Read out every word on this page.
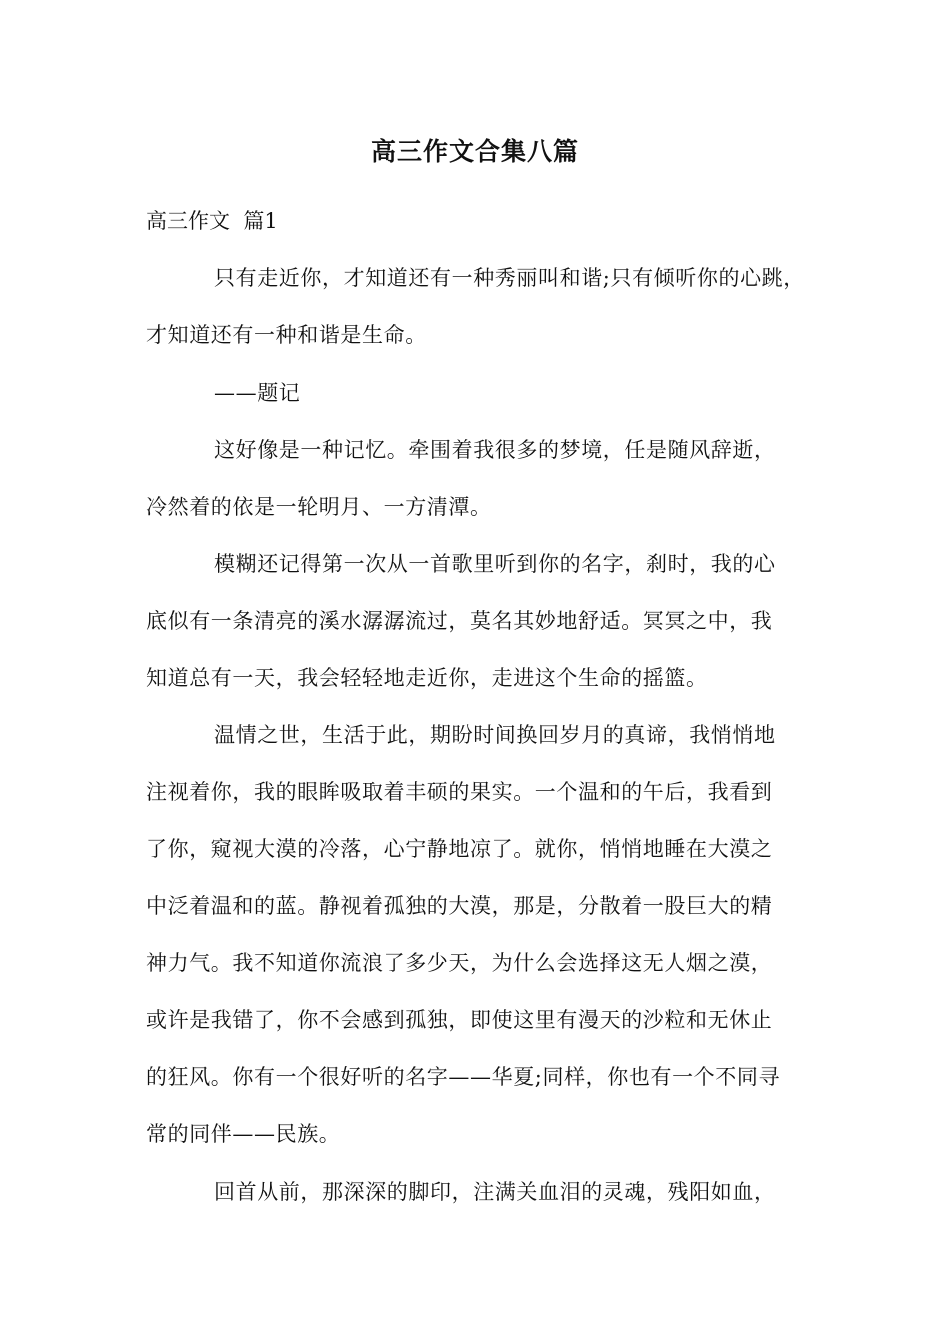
高三作文合集八篇
高三作文  篇1
只有走近你，才知道还有一种秀丽叫和谐;只有倾听你的心跳，
才知道还有一种和谐是生命。
——题记
这好像是一种记忆。牵围着我很多的梦境，任是随风辞逝，
冷然着的依是一轮明月、一方清潭。
模糊还记得第一次从一首歌里听到你的名字，刹时，我的心
底似有一条清亮的溪水潺潺流过，莫名其妙地舒适。冥冥之中，我
知道总有一天，我会轻轻地走近你，走进这个生命的摇篮。
温情之世，生活于此，期盼时间换回岁月的真谛，我悄悄地
注视着你，我的眼眸吸取着丰硕的果实。一个温和的午后，我看到
了你，窥视大漠的冷落，心宁静地凉了。就你，悄悄地睡在大漠之
中泛着温和的蓝。静视着孤独的大漠，那是，分散着一股巨大的精
神力气。我不知道你流浪了多少天，为什么会选择这无人烟之漠，
或许是我错了，你不会感到孤独，即使这里有漫天的沙粒和无休止
的狂风。你有一个很好听的名字——华夏;同样，你也有一个不同寻
常的同伴——民族。
回首从前，那深深的脚印，注满关血泪的灵魂，残阳如血，
